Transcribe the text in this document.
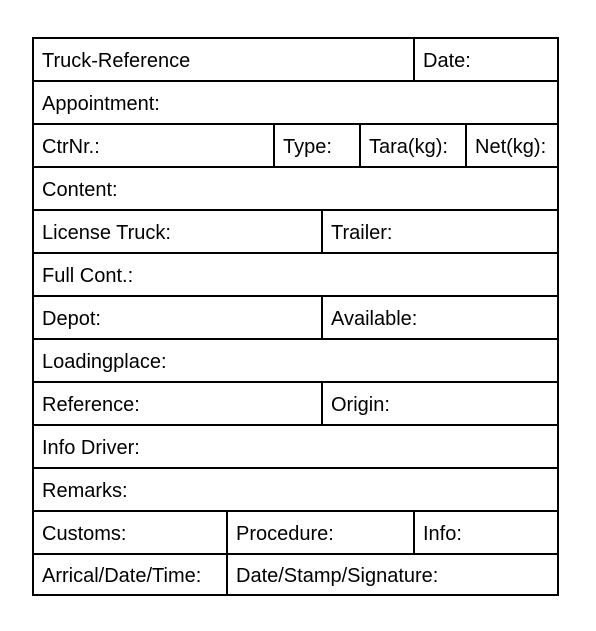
Truck-Reference	Date:
Appointment:
CtrNr.:	Type: Tara(kg): Net(kg):
Content:
License Truck:	Trailer:
Full Cont.:
Depot:	Available:
Loadingplace:
Reference:	Origin:
Info Driver:
Remarks:
Customs:	Procedure:	Info:
Arrical/Date/Time: Date/Stamp/Signature:
